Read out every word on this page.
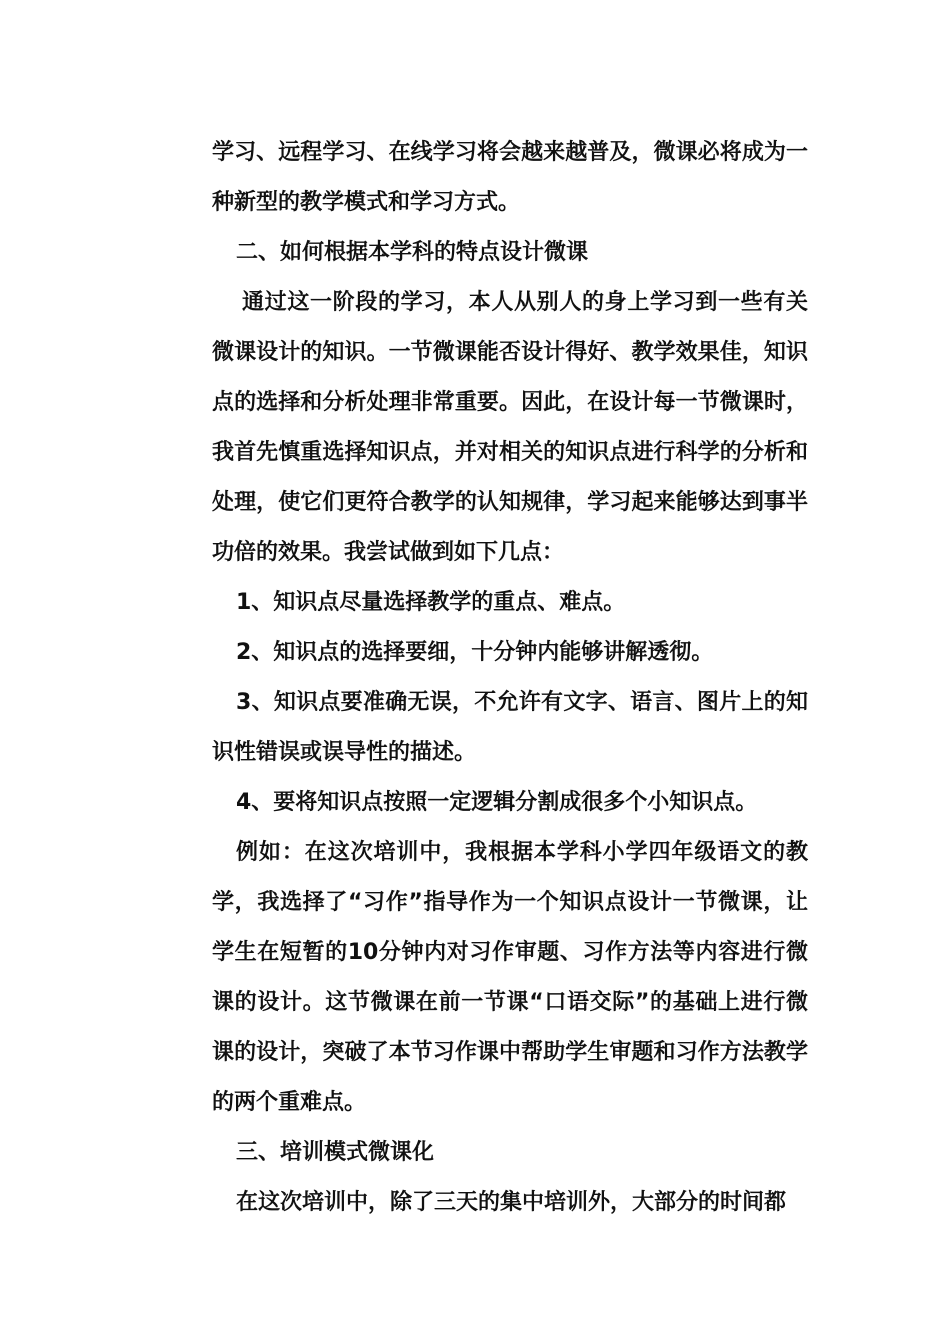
学习、远程学习、在线学习将会越来越普及，微课必将成为一种新型的教学模式和学习方式。

二、如何根据本学科的特点设计微课

通过这一阶段的学习，本人从别人的身上学习到一些有关微课设计的知识。一节微课能否设计得好、教学效果佳，知识点的选择和分析处理非常重要。因此，在设计每一节微课时，我首先慎重选择知识点，并对相关的知识点进行科学的分析和处理，使它们更符合教学的认知规律，学习起来能够达到事半功倍的效果。我尝试做到如下几点：

1、知识点尽量选择教学的重点、难点。

2、知识点的选择要细，十分钟内能够讲解透彻。

3、知识点要准确无误，不允许有文字、语言、图片上的知识性错误或误导性的描述。

4、要将知识点按照一定逻辑分割成很多个小知识点。

例如：在这次培训中，我根据本学科小学四年级语文的教学，我选择了“习作”指导作为一个知识点设计一节微课，让学生在短暂的10分钟内对习作审题、习作方法等内容进行微课的设计。这节微课在前一节课“口语交际”的基础上进行微课的设计，突破了本节习作课中帮助学生审题和习作方法教学的两个重难点。

三、培训模式微课化

在这次培训中，除了三天的集中培训外，大部分的时间都
